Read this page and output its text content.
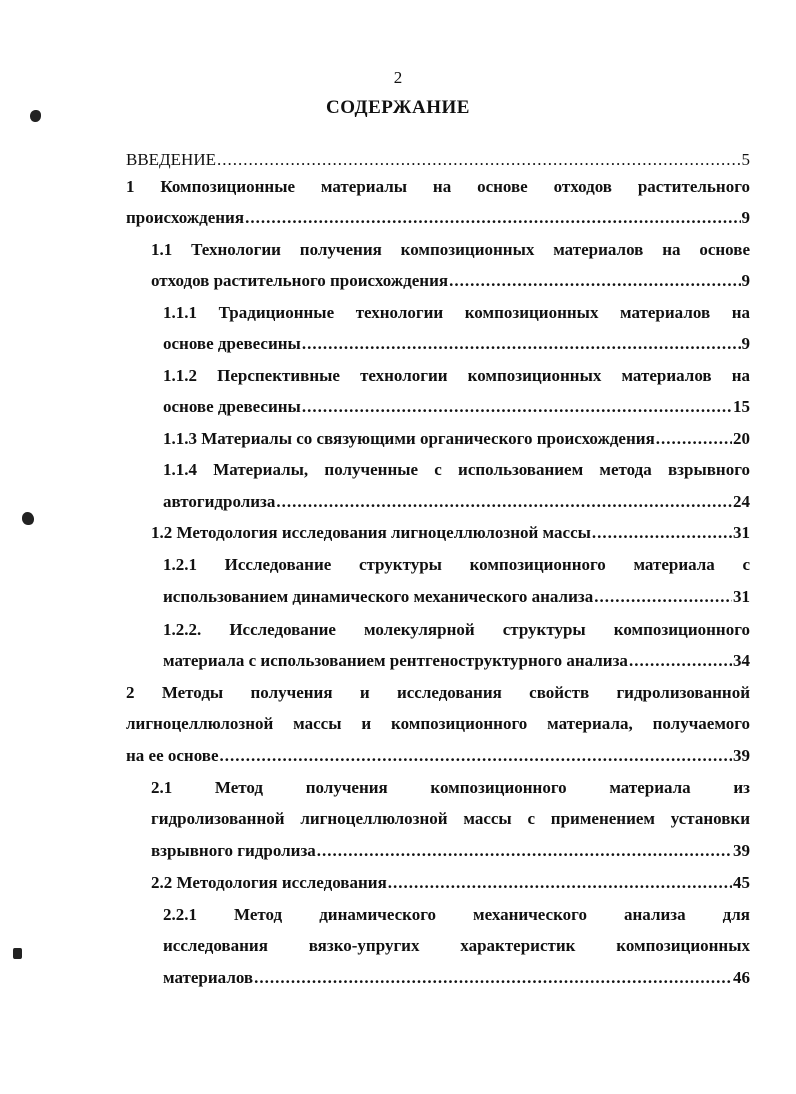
2
СОДЕРЖАНИЕ
ВВЕДЕНИЕ .....	5
1 Композиционные материалы на основе отходов растительного
происхождения .....	9
1.1 Технологии получения композиционных материалов на основе
отходов растительного происхождения .....	9
1.1.1 Традиционные технологии композиционных материалов на
основе древесины .....	9
1.1.2 Перспективные технологии композиционных материалов на
основе древесины .....	15
1.1.3 Материалы со связующими органического происхождения .....	20
1.1.4 Материалы, полученные с использованием метода взрывного
автогидролиза .....	24
1.2 Методология исследования лигноцеллюлозной массы .....	31
1.2.1 Исследование структуры композиционного материала с
использованием динамического механического анализа .....	31
1.2.2. Исследование молекулярной структуры композиционного
материала с использованием рентгеноструктурного анализа .....	34
2 Методы получения и исследования свойств гидролизованной
лигноцеллюлозной массы и композиционного материала, получаемого
на ее основе .....	39
2.1 Метод получения композиционного материала из
гидролизованной лигноцеллюлозной массы с применением установки
взрывного гидролиза .....	39
2.2 Методология исследования .....	45
2.2.1 Метод динамического механического анализа для
исследования вязко-упругих характеристик композиционных
материалов .....	46
